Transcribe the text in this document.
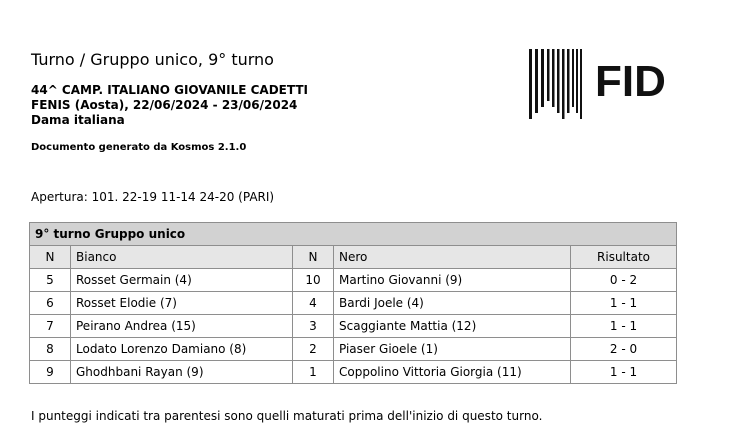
Turno / Gruppo unico, 9° turno
44^ CAMP. ITALIANO GIOVANILE CADETTI
FENIS (Aosta), 22/06/2024 - 23/06/2024
Dama italiana
Documento generato da Kosmos 2.1.0
FID
Apertura: 101. 22-19 11-14 24-20 (PARI)
9° turno Gruppo unico				
N	Bianco	N	Nero	Risultato
5	Rosset Germain (4)	10	Martino Giovanni (9)	0 - 2
6	Rosset Elodie (7)	4	Bardi Joele (4)	1 - 1
7	Peirano Andrea (15)	3	Scaggiante Mattia (12)	1 - 1
8	Lodato Lorenzo Damiano (8)	2	Piaser Gioele (1)	2 - 0
9	Ghodhbani Rayan (9)	1	Coppolino Vittoria Giorgia (11)	1 - 1
I punteggi indicati tra parentesi sono quelli maturati prima dell'inizio di questo turno.
